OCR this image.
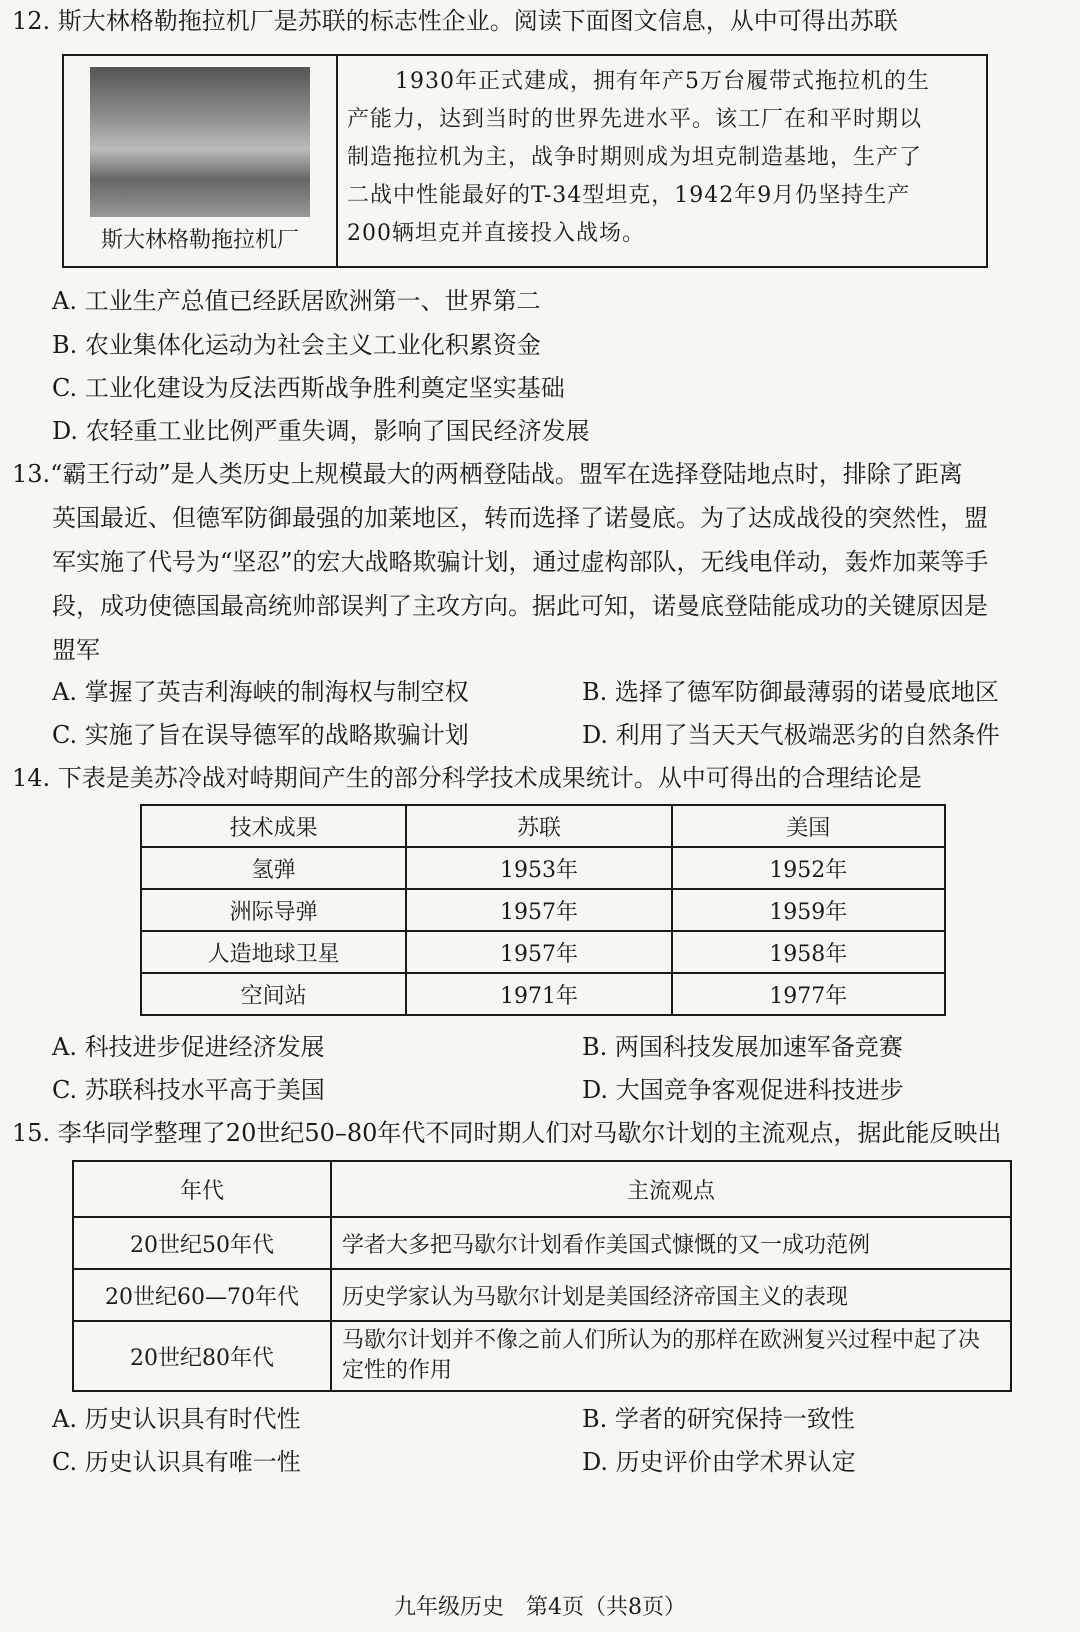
12. 斯大林格勒拖拉机厂是苏联的标志性企业。阅读下面图文信息，从中可得出苏联
斯大林格勒拖拉机厂

1930年正式建成，拥有年产5万台履带式拖拉机的生
产能力，达到当时的世界先进水平。该工厂在和平时期以
制造拖拉机为主，战争时期则成为坦克制造基地，生产了
二战中性能最好的T-34型坦克，1942年9月仍坚持生产
200辆坦克并直接投入战场。
A. 工业生产总值已经跃居欧洲第一、世界第二
B. 农业集体化运动为社会主义工业化积累资金
C. 工业化建设为反法西斯战争胜利奠定坚实基础
D. 农轻重工业比例严重失调，影响了国民经济发展
13.“霸王行动”是人类历史上规模最大的两栖登陆战。盟军在选择登陆地点时，排除了距离
英国最近、但德军防御最强的加莱地区，转而选择了诺曼底。为了达成战役的突然性，盟
军实施了代号为“坚忍”的宏大战略欺骗计划，通过虚构部队，无线电佯动，轰炸加莱等手
段，成功使德国最高统帅部误判了主攻方向。据此可知，诺曼底登陆能成功的关键原因是
盟军
A. 掌握了英吉利海峡的制海权与制空权	B. 选择了德军防御最薄弱的诺曼底地区
C. 实施了旨在误导德军的战略欺骗计划	D. 利用了当天天气极端恶劣的自然条件
14. 下表是美苏冷战对峙期间产生的部分科学技术成果统计。从中可得出的合理结论是
技术成果	苏联	美国
氢弹	1953年	1952年
洲际导弹	1957年	1959年
人造地球卫星	1957年	1958年
空间站	1971年	1977年
A. 科技进步促进经济发展	B. 两国科技发展加速军备竞赛
C. 苏联科技水平高于美国	D. 大国竞争客观促进科技进步
15. 李华同学整理了20世纪50–80年代不同时期人们对马歇尔计划的主流观点，据此能反映出
年代	主流观点
20世纪50年代	学者大多把马歇尔计划看作美国式慷慨的又一成功范例
20世纪60—70年代	历史学家认为马歇尔计划是美国经济帝国主义的表现
20世纪80年代	马歇尔计划并不像之前人们所认为的那样在欧洲复兴过程中起了决定性的作用
A. 历史认识具有时代性	B. 学者的研究保持一致性
C. 历史认识具有唯一性	D. 历史评价由学术界认定
九年级历史　第4页（共8页）
